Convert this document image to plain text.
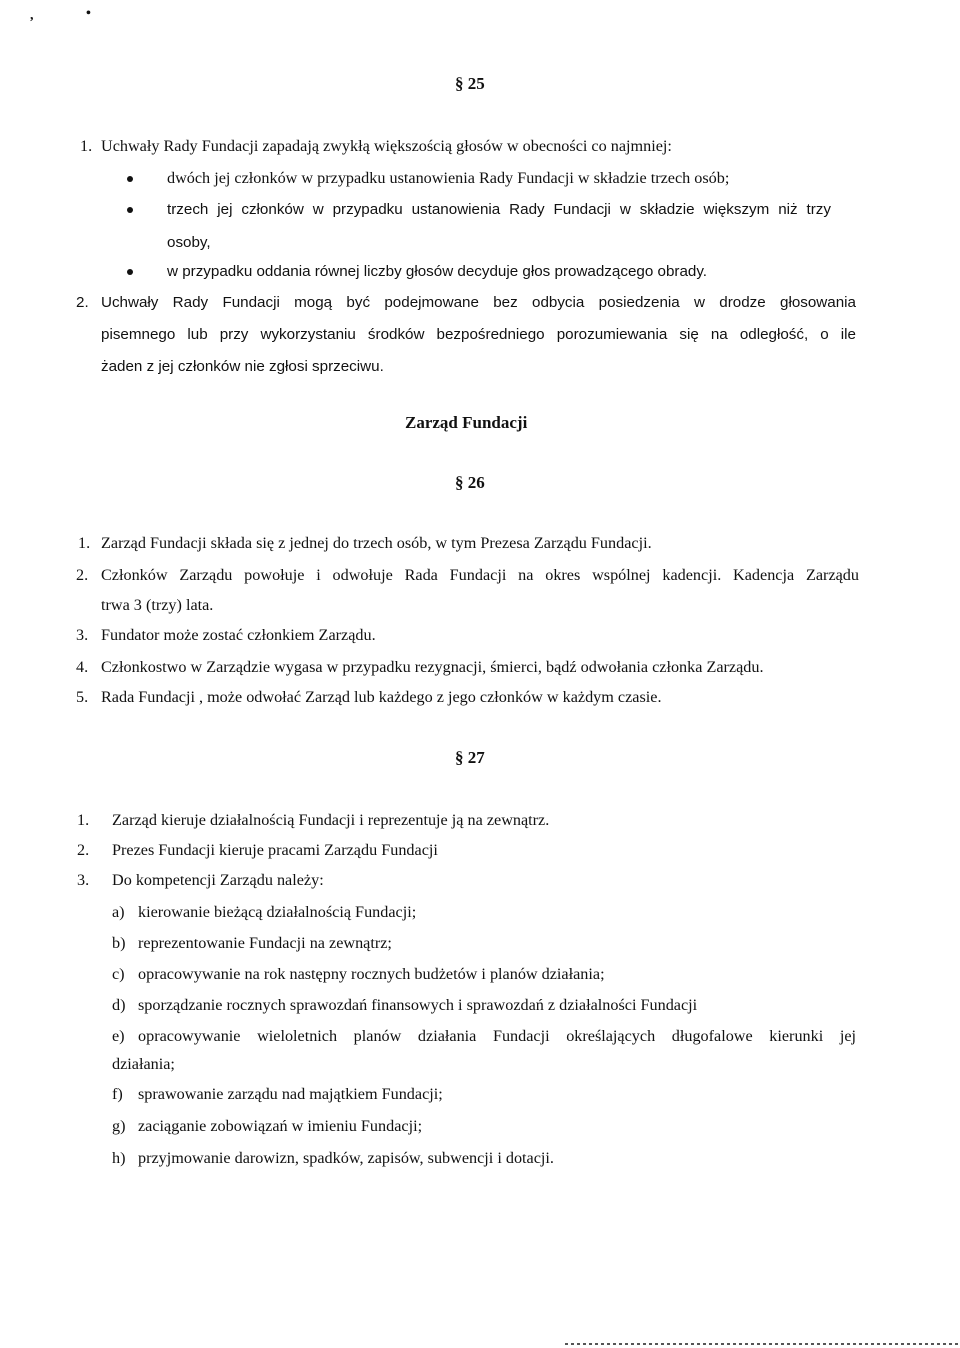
,	•
§ 25
1. Uchwały Rady Fundacji zapadają zwykłą większością głosów w obecności co najmniej:
dwóch jej członków w przypadku ustanowienia Rady Fundacji w składzie trzech osób;
trzech jej członków w przypadku ustanowienia Rady Fundacji w składzie większym niż trzy
osoby,
w przypadku oddania równej liczby głosów decyduje głos prowadzącego obrady.
2. Uchwały Rady Fundacji mogą być podejmowane bez odbycia posiedzenia w drodze głosowania
pisemnego lub przy wykorzystaniu środków bezpośredniego porozumiewania się na odległość, o ile
żaden z jej członków nie zgłosi sprzeciwu.
Zarząd Fundacji
§ 26
1. Zarząd Fundacji składa się z jednej do trzech osób, w tym Prezesa Zarządu Fundacji.
2. Członków Zarządu powołuje i odwołuje Rada Fundacji na okres wspólnej kadencji. Kadencja Zarządu
trwa 3 (trzy) lata.
3. Fundator może zostać członkiem Zarządu.
4. Członkostwo w Zarządzie wygasa w przypadku rezygnacji, śmierci, bądź odwołania członka Zarządu.
5. Rada Fundacji , może odwołać Zarząd lub każdego z jego członków w każdym czasie.
§ 27
1. Zarząd kieruje działalnością Fundacji i reprezentuje ją na zewnątrz.
2. Prezes Fundacji kieruje pracami Zarządu Fundacji
3. Do kompetencji Zarządu należy:
a) kierowanie bieżącą działalnością Fundacji;
b) reprezentowanie Fundacji na zewnątrz;
c) opracowywanie na rok następny rocznych budżetów i planów działania;
d) sporządzanie rocznych sprawozdań finansowych i sprawozdań z działalności Fundacji
e) opracowywanie wieloletnich planów działania Fundacji określających długofalowe kierunki jej
działania;
f) sprawowanie zarządu nad majątkiem Fundacji;
g) zaciąganie zobowiązań w imieniu Fundacji;
h) przyjmowanie darowizn, spadków, zapisów, subwencji i dotacji.
